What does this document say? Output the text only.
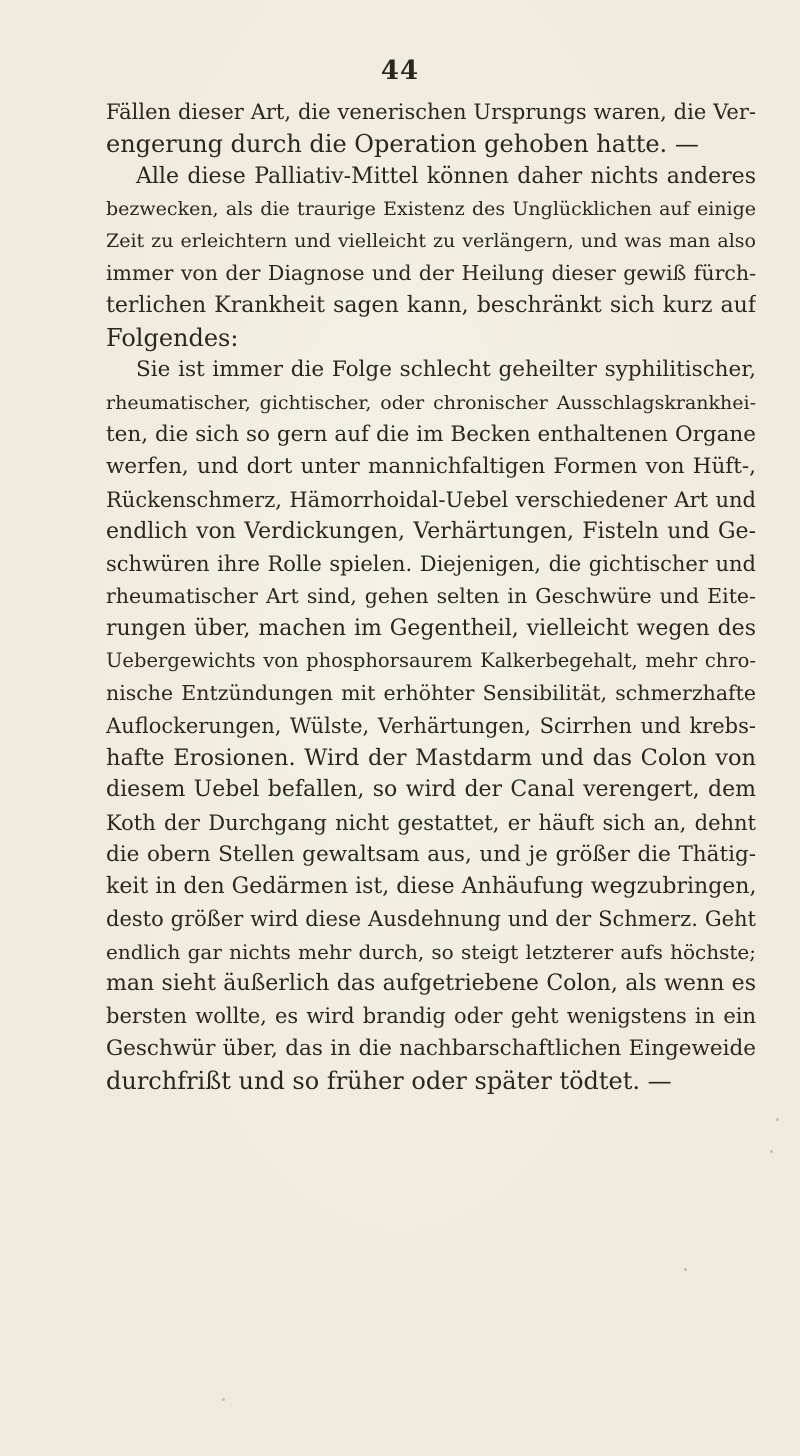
44
Fällen dieser Art, die venerischen Ursprungs waren, die Ver-
engerung durch die Operation gehoben hatte. —
Alle diese Palliativ-Mittel können daher nichts anderes
bezwecken, als die traurige Existenz des Unglücklichen auf einige
Zeit zu erleichtern und vielleicht zu verlängern, und was man also
immer von der Diagnose und der Heilung dieser gewiß fürch-
terlichen Krankheit sagen kann, beschränkt sich kurz auf
Folgendes:
Sie ist immer die Folge schlecht geheilter syphilitischer,
rheumatischer, gichtischer, oder chronischer Ausschlagskrankhei-
ten, die sich so gern auf die im Becken enthaltenen Organe
werfen, und dort unter mannichfaltigen Formen von Hüft-,
Rückenschmerz, Hämorrhoidal-Uebel verschiedener Art und
endlich von Verdickungen, Verhärtungen, Fisteln und Ge-
schwüren ihre Rolle spielen. Diejenigen, die gichtischer und
rheumatischer Art sind, gehen selten in Geschwüre und Eite-
rungen über, machen im Gegentheil, vielleicht wegen des
Uebergewichts von phosphorsaurem Kalkerbegehalt, mehr chro-
nische Entzündungen mit erhöhter Sensibilität, schmerzhafte
Auflockerungen, Wülste, Verhärtungen, Scirrhen und krebs-
hafte Erosionen. Wird der Mastdarm und das Colon von
diesem Uebel befallen, so wird der Canal verengert, dem
Koth der Durchgang nicht gestattet, er häuft sich an, dehnt
die obern Stellen gewaltsam aus, und je größer die Thätig-
keit in den Gedärmen ist, diese Anhäufung wegzubringen,
desto größer wird diese Ausdehnung und der Schmerz. Geht
endlich gar nichts mehr durch, so steigt letzterer aufs höchste;
man sieht äußerlich das aufgetriebene Colon, als wenn es
bersten wollte, es wird brandig oder geht wenigstens in ein
Geschwür über, das in die nachbarschaftlichen Eingeweide
durchfrißt und so früher oder später tödtet. —
